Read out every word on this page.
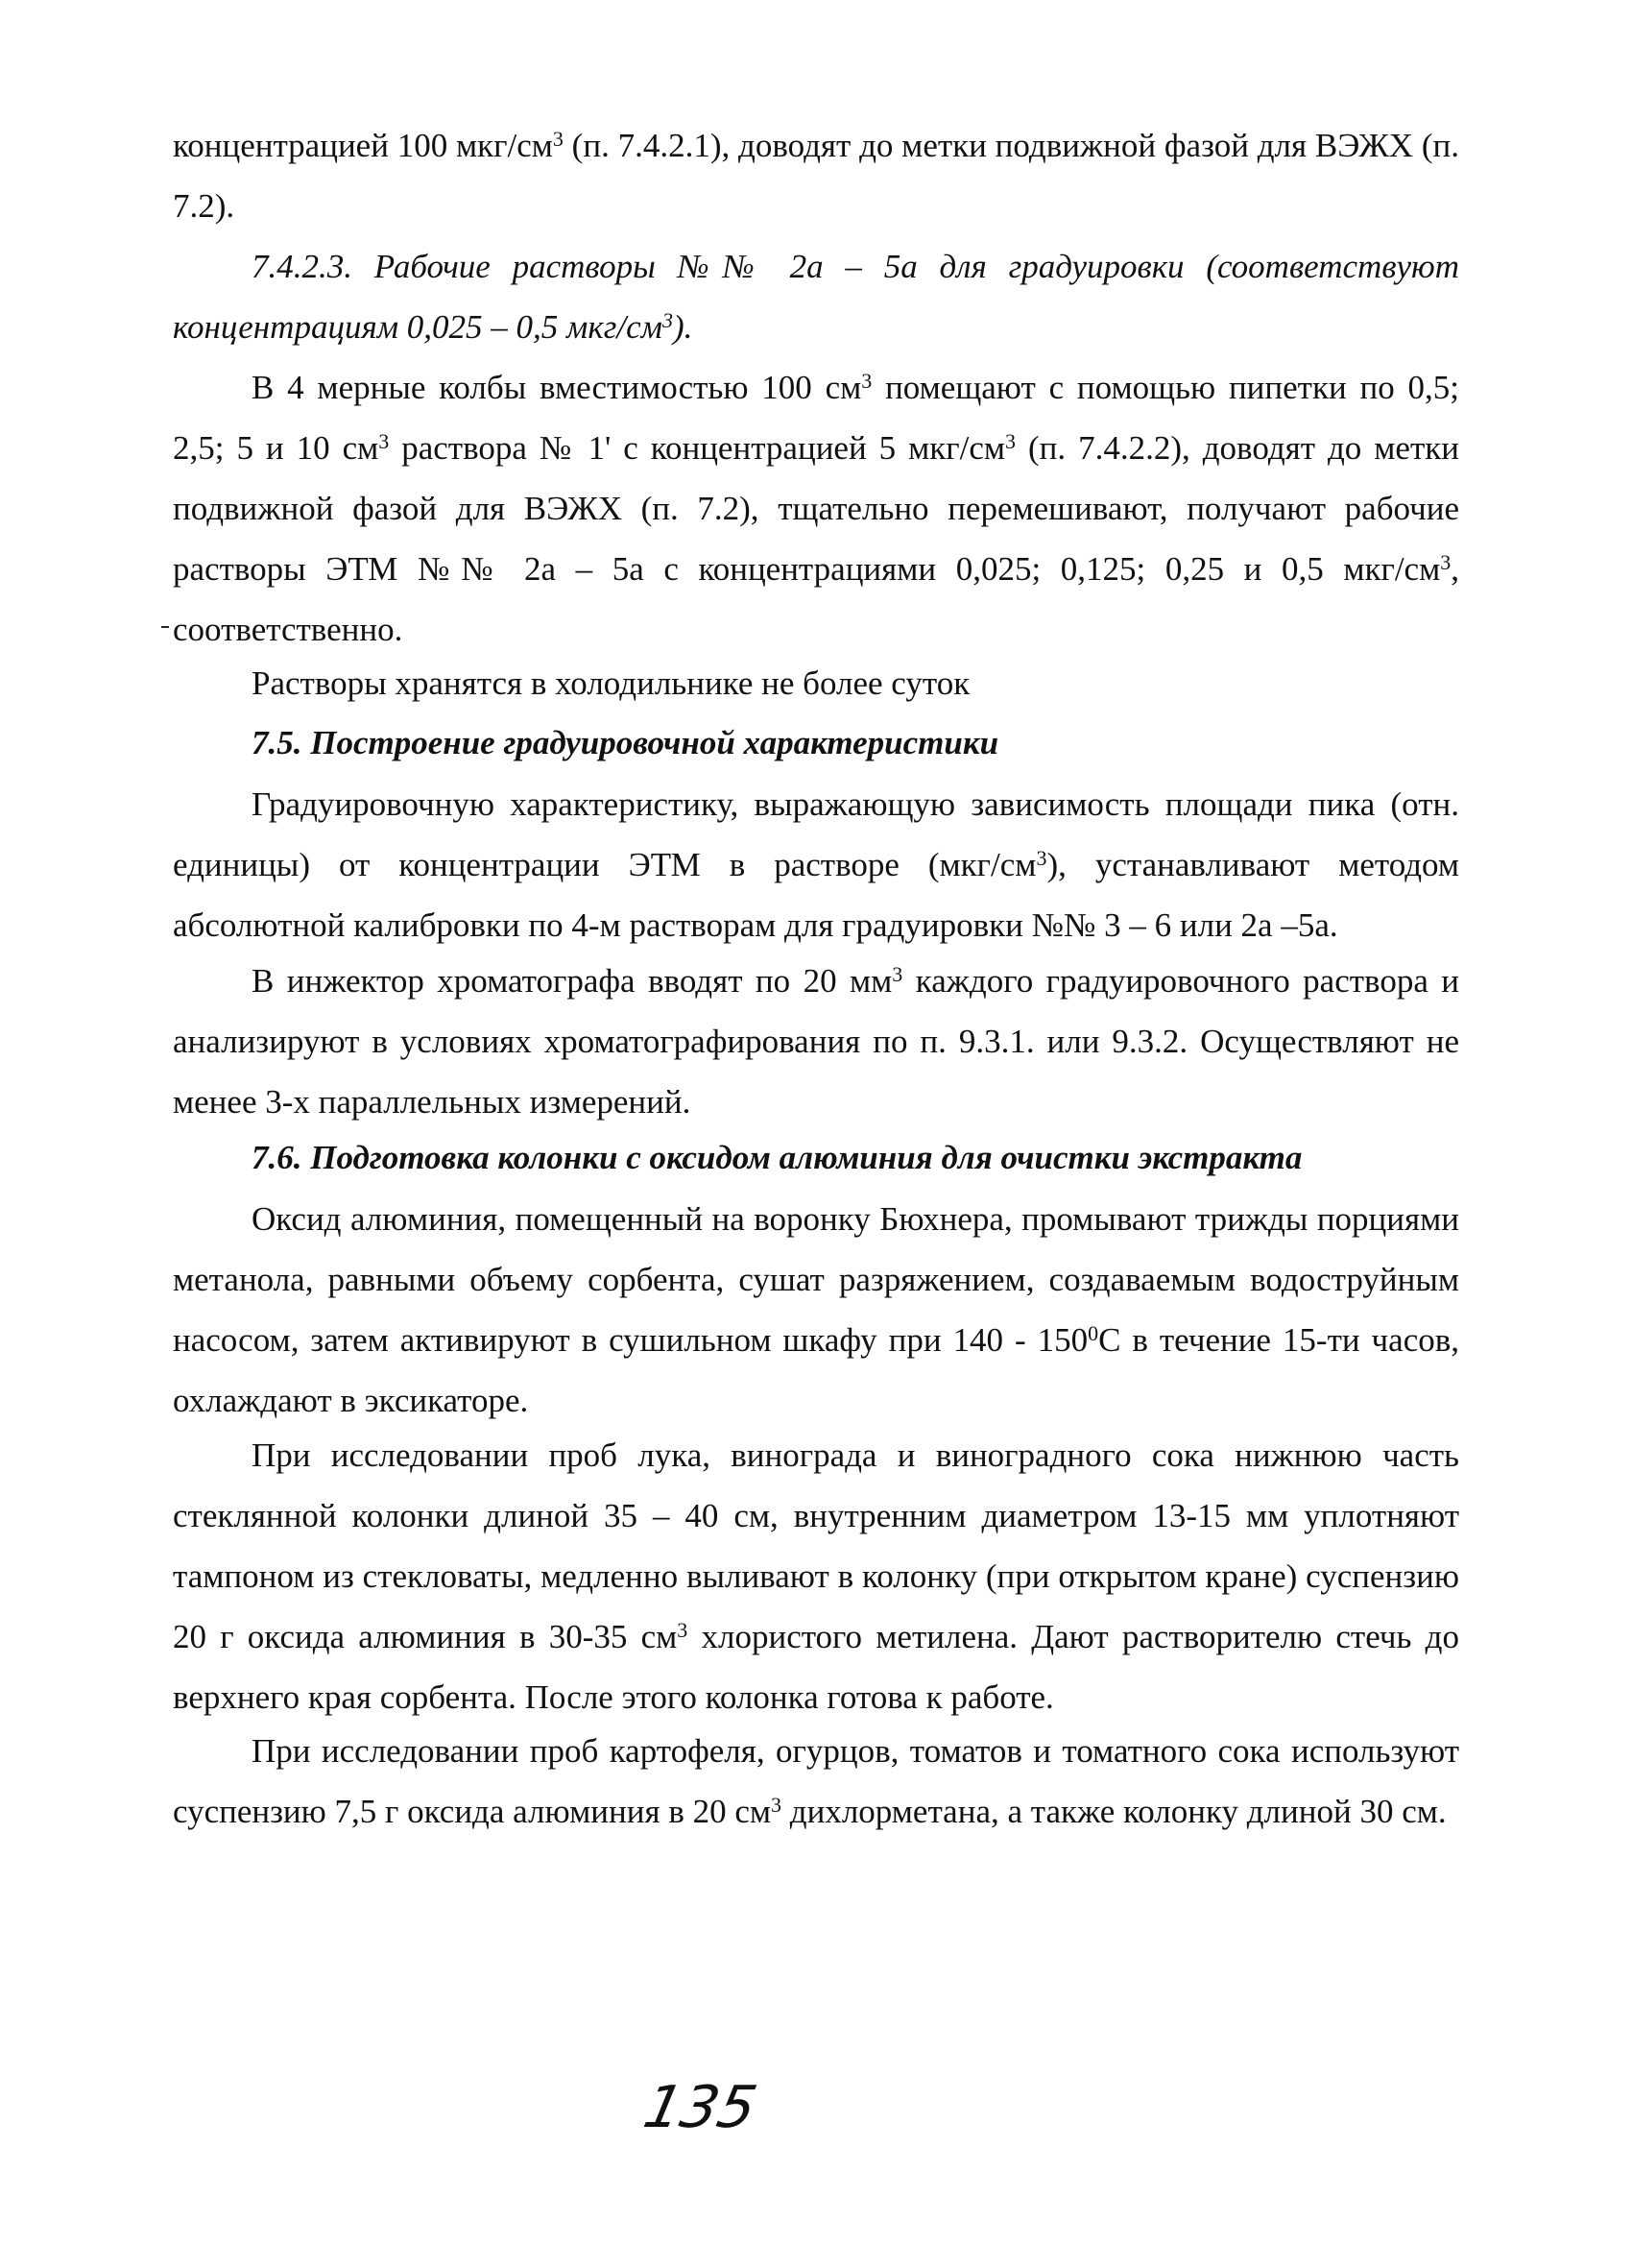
концентрацией 100 мкг/$см^3$ (п. 7.4.2.1), доводят до метки подвижной фазой для ВЭЖХ (п. 7.2).

7.4.2.3. Рабочие растворы №№ 2а – 5а для градуировки (соответствуют концентрациям 0,025 – 0,5 мкг/$см^3$).

В 4 мерные колбы вместимостью 100 $см^3$ помещают с помощью пипетки по 0,5; 2,5; 5 и 10 $см^3$ раствора № 1' с концентрацией 5 мкг/$см^3$ (п. 7.4.2.2), доводят до метки подвижной фазой для ВЭЖХ (п. 7.2), тщательно перемешивают, получают рабочие растворы ЭТМ №№ 2а – 5а с концентрациями 0,025; 0,125; 0,25 и 0,5 мкг/$см^3$, соответственно.

Растворы хранятся в холодильнике не более суток

7.5. Построение градуировочной характеристики

Градуировочную характеристику, выражающую зависимость площади пика (отн. единицы) от концентрации ЭТМ в растворе $(мкг/см^3)$, устанавливают методом абсолютной калибровки по 4-м растворам для градуировки №№ 3 – 6 или 2а –5а.

В инжектор хроматографа вводят по 20 $мм^3$ каждого градуировочного раствора и анализируют в условиях хроматографирования по п. 9.3.1. или 9.3.2. Осуществляют не менее 3-х параллельных измерений.

7.6. Подготовка колонки с оксидом алюминия для очистки экстракта

Оксид алюминия, помещенный на воронку Бюхнера, промывают трижды порциями метанола, равными объему сорбента, сушат разряжением, создаваемым водоструйным насосом, затем активируют в сушильном шкафу при $140 - 150^0С$ в течение 15-ти часов, охлаждают в эксикаторе.

При исследовании проб лука, винограда и виноградного сока нижнюю часть стеклянной колонки длиной 35 – 40 см, внутренним диаметром 13-15 мм уплотняют тампоном из стекловаты, медленно выливают в колонку (при открытом кране) суспензию 20 г оксида алюминия в 30-35 $см^3$ хлористого метилена. Дают растворителю стечь до верхнего края сорбента. После этого колонка готова к работе.

При исследовании проб картофеля, огурцов, томатов и томатного сока используют суспензию 7,5 г оксида алюминия в 20 $см^3$ дихлорметана, а также колонку длиной 30 см.

135
